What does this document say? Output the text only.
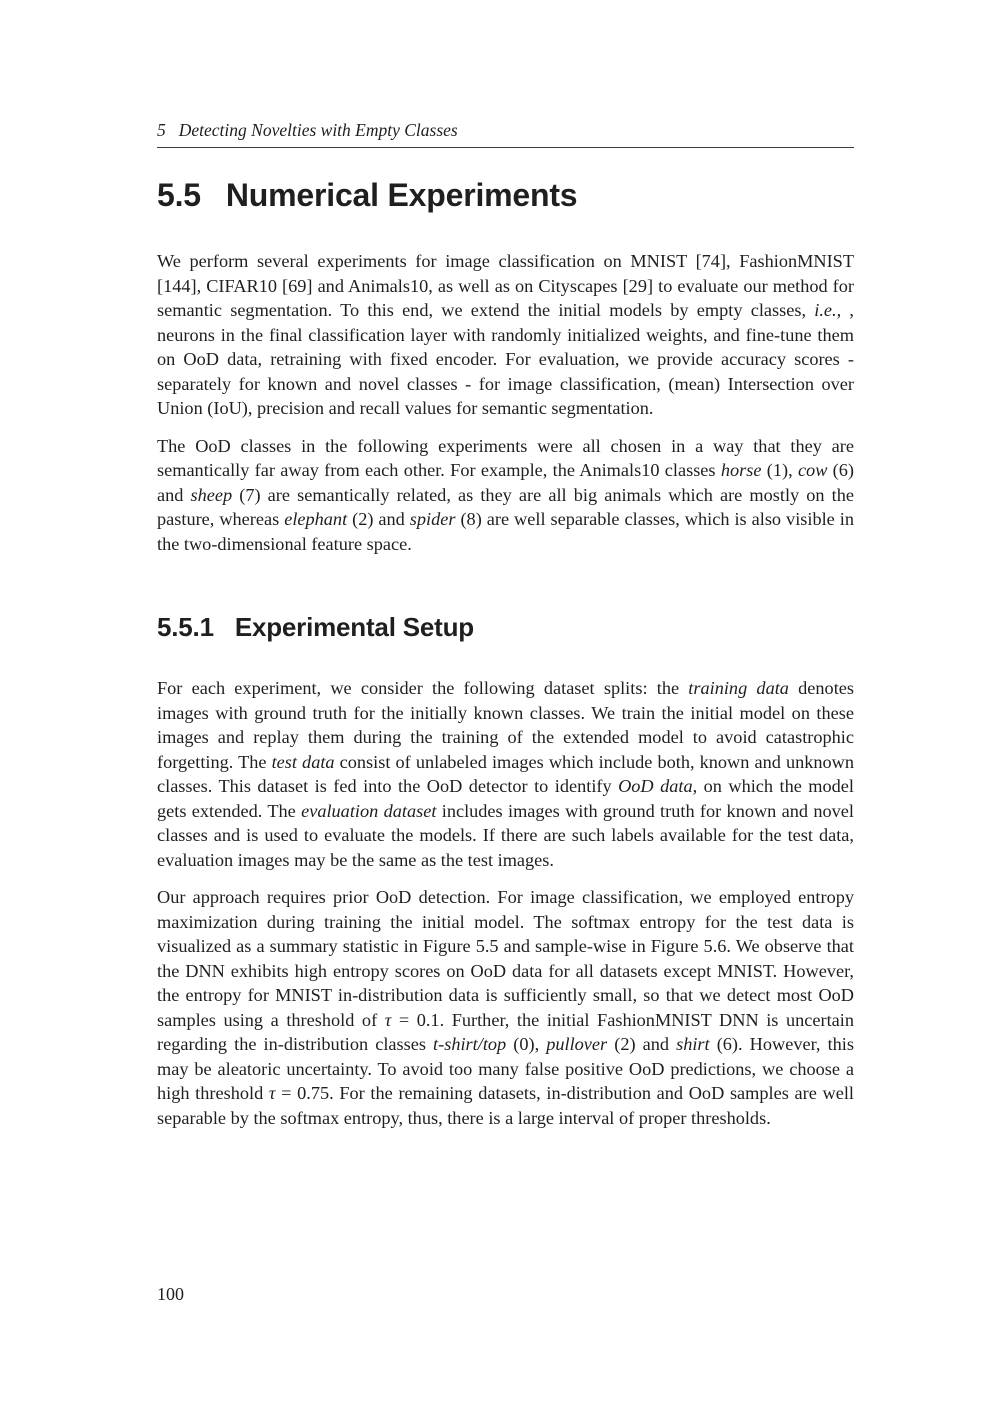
5 Detecting Novelties with Empty Classes
5.5 Numerical Experiments

We perform several experiments for image classification on MNIST [74], FashionMNIST [144], CIFAR10 [69] and Animals10, as well as on Cityscapes [29] to evaluate our method for semantic segmentation. To this end, we extend the initial models by empty classes, i.e., , neurons in the final classification layer with randomly initialized weights, and fine-tune them on OoD data, retraining with fixed encoder. For evaluation, we provide accuracy scores - separately for known and novel classes - for image classification, (mean) Intersection over Union (IoU), precision and recall values for semantic segmentation.

The OoD classes in the following experiments were all chosen in a way that they are semantically far away from each other. For example, the Animals10 classes horse (1), cow (6) and sheep (7) are semantically related, as they are all big animals which are mostly on the pasture, whereas elephant (2) and spider (8) are well separable classes, which is also visible in the two-dimensional feature space.

5.5.1 Experimental Setup

For each experiment, we consider the following dataset splits: the training data denotes images with ground truth for the initially known classes. We train the initial model on these images and replay them during the training of the extended model to avoid catastrophic forgetting. The test data consist of unlabeled images which include both, known and unknown classes. This dataset is fed into the OoD detector to identify OoD data, on which the model gets extended. The evaluation dataset includes images with ground truth for known and novel classes and is used to evaluate the models. If there are such labels available for the test data, evaluation images may be the same as the test images.

Our approach requires prior OoD detection. For image classification, we employed entropy maximization during training the initial model. The softmax entropy for the test data is visualized as a summary statistic in Figure 5.5 and sample-wise in Figure 5.6. We observe that the DNN exhibits high entropy scores on OoD data for all datasets except MNIST. However, the entropy for MNIST in-distribution data is sufficiently small, so that we detect most OoD samples using a threshold of τ = 0.1. Further, the initial FashionMNIST DNN is uncertain regarding the in-distribution classes t-shirt/top (0), pullover (2) and shirt (6). However, this may be aleatoric uncertainty. To avoid too many false positive OoD predictions, we choose a high threshold τ = 0.75. For the remaining datasets, in-distribution and OoD samples are well separable by the softmax entropy, thus, there is a large interval of proper thresholds.

100
